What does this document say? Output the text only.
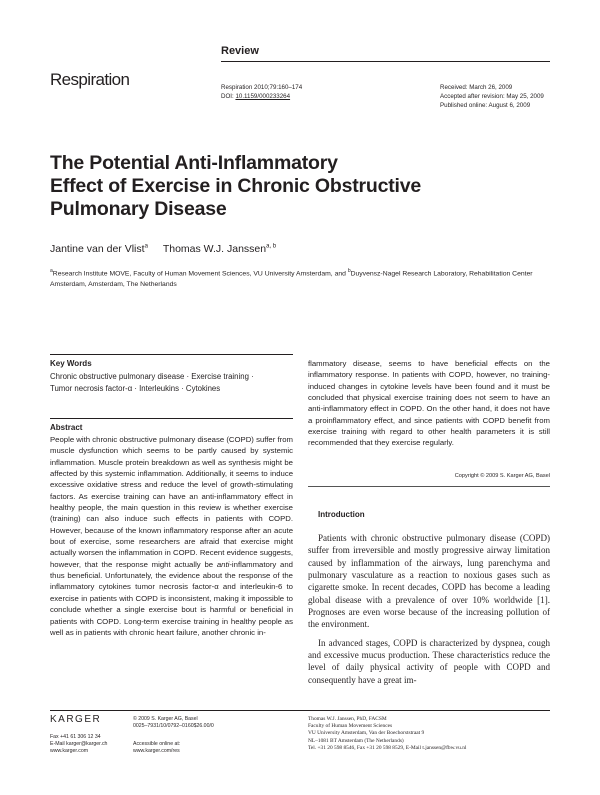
Review
Respiration	Respiration 2010;79:160–174
DOI: 10.1159/000233264
Received: March 26, 2009
Accepted after revision: May 25, 2009
Published online: August 6, 2009
The Potential Anti-Inflammatory
Effect of Exercise in Chronic Obstructive
Pulmonary Disease
Jantine van der Vlist$^a$ Thomas W.J. Janssen$^{a, b}$
$^a$Research Institute MOVE, Faculty of Human Movement Sciences, VU University Amsterdam, and $^b$Duyvensz-Nagel Research Laboratory, Rehabilitation Center Amsterdam, Amsterdam, The Netherlands
Key Words
Chronic obstructive pulmonary disease · Exercise training ·
Tumor necrosis factor-α · Interleukins · Cytokines
Abstract

People with chronic obstructive pulmonary disease (COPD) suffer from muscle dysfunction which seems to be partly caused by systemic inflammation. Muscle protein breakdown as well as synthesis might be affected by this systemic inflammation. Additionally, it seems to induce excessive oxidative stress and reduce the level of growth-stimulating factors. As exercise training can have an anti-inflammatory effect in healthy people, the main question in this review is whether exercise (training) can also induce such effects in patients with COPD. However, because of the known inflammatory response after an acute bout of exercise, some researchers are afraid that exercise might actually worsen the inflammation in COPD. Recent evidence suggests, however, that the response might actually be anti-inflammatory and thus beneficial. Unfortunately, the evidence about the response of the inflammatory cytokines tumor necrosis factor-α and interleukin-6 to exercise in patients with COPD is inconsistent, making it impossible to conclude whether a single exercise bout is harmful or beneficial in patients with COPD. Long-term exercise training in healthy people as well as in patients with chronic heart failure, another chronic in-

flammatory disease, seems to have beneficial effects on the inflammatory response. In patients with COPD, however, no training-induced changes in cytokine levels have been found and it must be concluded that physical exercise training does not seem to have an anti-inflammatory effect in COPD. On the other hand, it does not have a proinflammatory effect, and since patients with COPD benefit from exercise training with regard to other health parameters it is still recommended that they exercise regularly.

Copyright © 2009 S. Karger AG, Basel
Introduction

Patients with chronic obstructive pulmonary disease (COPD) suffer from irreversible and mostly progressive airway limitation caused by inflammation of the airways, lung parenchyma and pulmonary vasculature as a reaction to noxious gases such as cigarette smoke. In recent decades, COPD has become a leading global disease with a prevalence of over 10% worldwide [1]. Prognoses are even worse because of the increasing pollution of the environment.

In advanced stages, COPD is characterized by dyspnea, cough and excessive mucus production. These characteristics reduce the level of daily physical activity of people with COPD and consequently have a great im-

KARGER
Fax +41 61 306 12 34
E-Mail karger@karger.ch
www.karger.com
© 2009 S. Karger AG, Basel
0025–7931/10/0792–0160$26.00/0
Accessible online at:
www.karger.com/res
Thomas W.J. Janssen, PhD, FACSM
Faculty of Human Movement Sciences
VU University Amsterdam, Van der Boechorststraat 9
NL–1081 BT Amsterdam (The Netherlands)
Tel. +31 20 598 8546, Fax +31 20 598 8529, E-Mail t.janssen@fbw.vu.nl
